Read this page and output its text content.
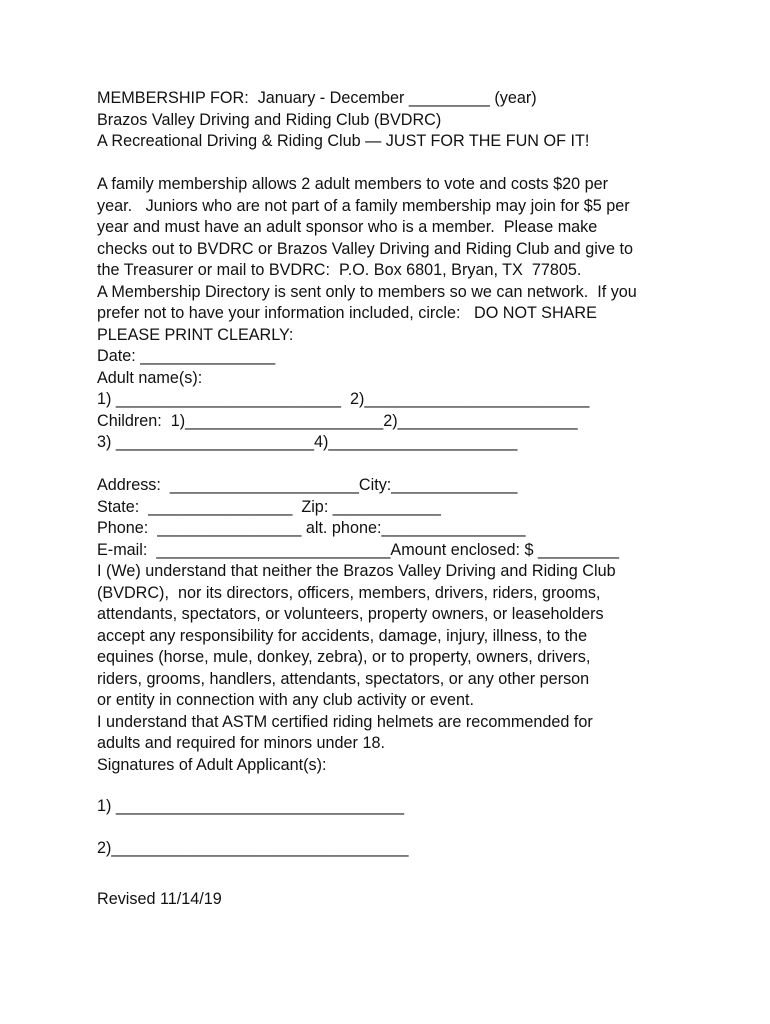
MEMBERSHIP FOR:  January - December _________ (year)

Brazos Valley Driving and Riding Club (BVDRC)

A Recreational Driving & Riding Club — JUST FOR THE FUN OF IT!

A family membership allows 2 adult members to vote and costs $20 per

year.   Juniors who are not part of a family membership may join for $5 per

year and must have an adult sponsor who is a member.  Please make

checks out to BVDRC or Brazos Valley Driving and Riding Club and give to

the Treasurer or mail to BVDRC:  P.O. Box 6801, Bryan, TX  77805.

A Membership Directory is sent only to members so we can network.  If you

prefer not to have your information included, circle:   DO NOT SHARE

PLEASE PRINT CLEARLY:

Date: _______________

Adult name(s):

1) _________________________  2)_________________________

Children:  1)______________________2)____________________

3) ______________________4)_____________________

Address:  _____________________City:______________

State:  ________________  Zip: ____________

Phone:  ________________ alt. phone:________________

E-mail:  __________________________Amount enclosed: $ _________

I (We) understand that neither the Brazos Valley Driving and Riding Club

(BVDRC),  nor its directors, officers, members, drivers, riders, grooms,

attendants, spectators, or volunteers, property owners, or leaseholders

accept any responsibility for accidents, damage, injury, illness, to the

equines (horse, mule, donkey, zebra), or to property, owners, drivers,

riders, grooms, handlers, attendants, spectators, or any other person

or entity in connection with any club activity or event.

I understand that ASTM certified riding helmets are recommended for

adults and required for minors under 18.

Signatures of Adult Applicant(s):

1) ________________________________

2)_________________________________

Revised 11/14/19
